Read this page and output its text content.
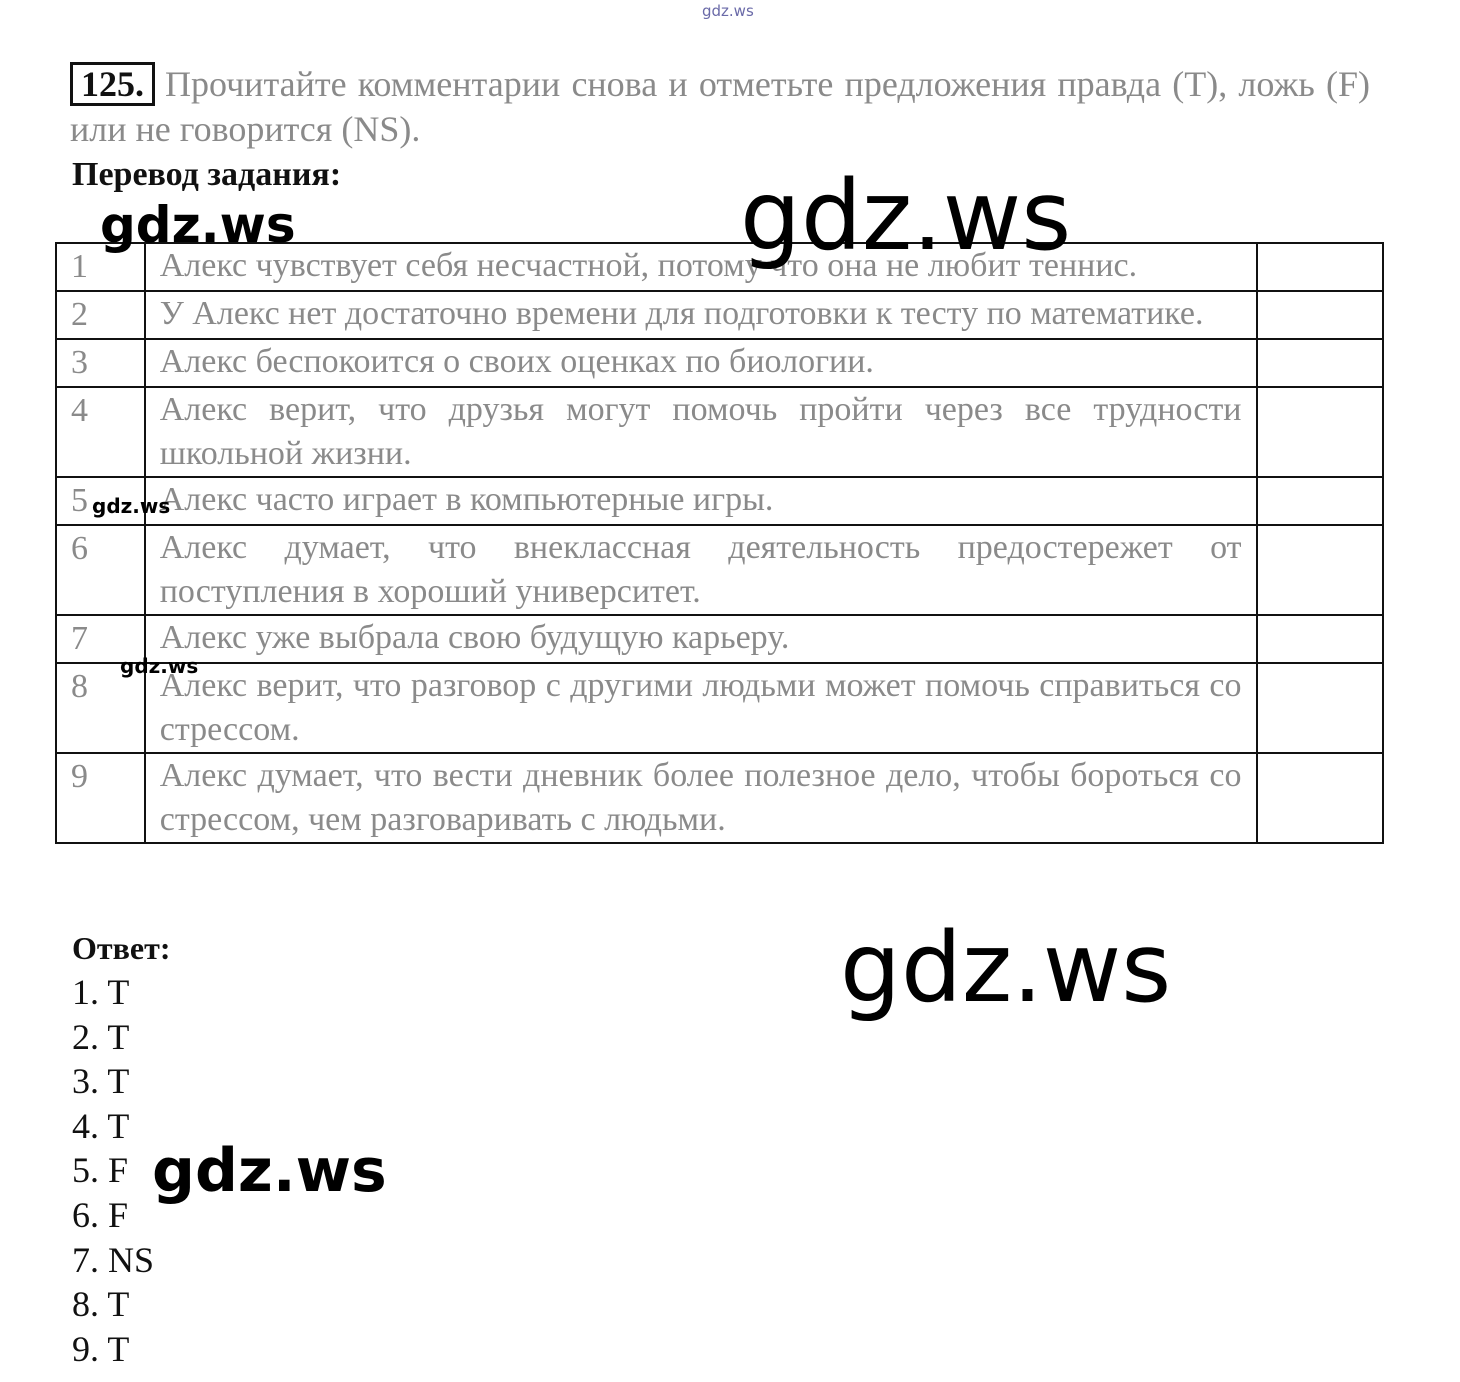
gdz.ws
125. Прочитайте комментарии снова и отметьте предложения правда (T), ложь (F) или не говорится (NS).
Перевод задания:
1	Алекс чувствует себя несчастной, потому что она не любит теннис.	
2	У Алекс нет достаточно времени для подготовки к тесту по математике.	
3	Алекс беспокоится о своих оценках по биологии.	
4	Алекс верит, что друзья могут помочь пройти через все трудности школьной жизни.	
5	Алекс часто играет в компьютерные игры.	
6	Алекс думает, что внеклассная деятельность предостережет от поступления в хороший университет.	
7	Алекс уже выбрала свою будущую карьеру.	
8	Алекс верит, что разговор с другими людьми может помочь справиться со стрессом.	
9	Алекс думает, что вести дневник более полезное дело, чтобы бороться со стрессом, чем разговаривать с людьми.	
Ответ:
1. T
2. T
3. T
4. T
5. F
6. F
7. NS
8. T
9. T
gdz.ws	gdz.ws
gdz.ws
gdz.ws
gdz.ws
gdz.ws
